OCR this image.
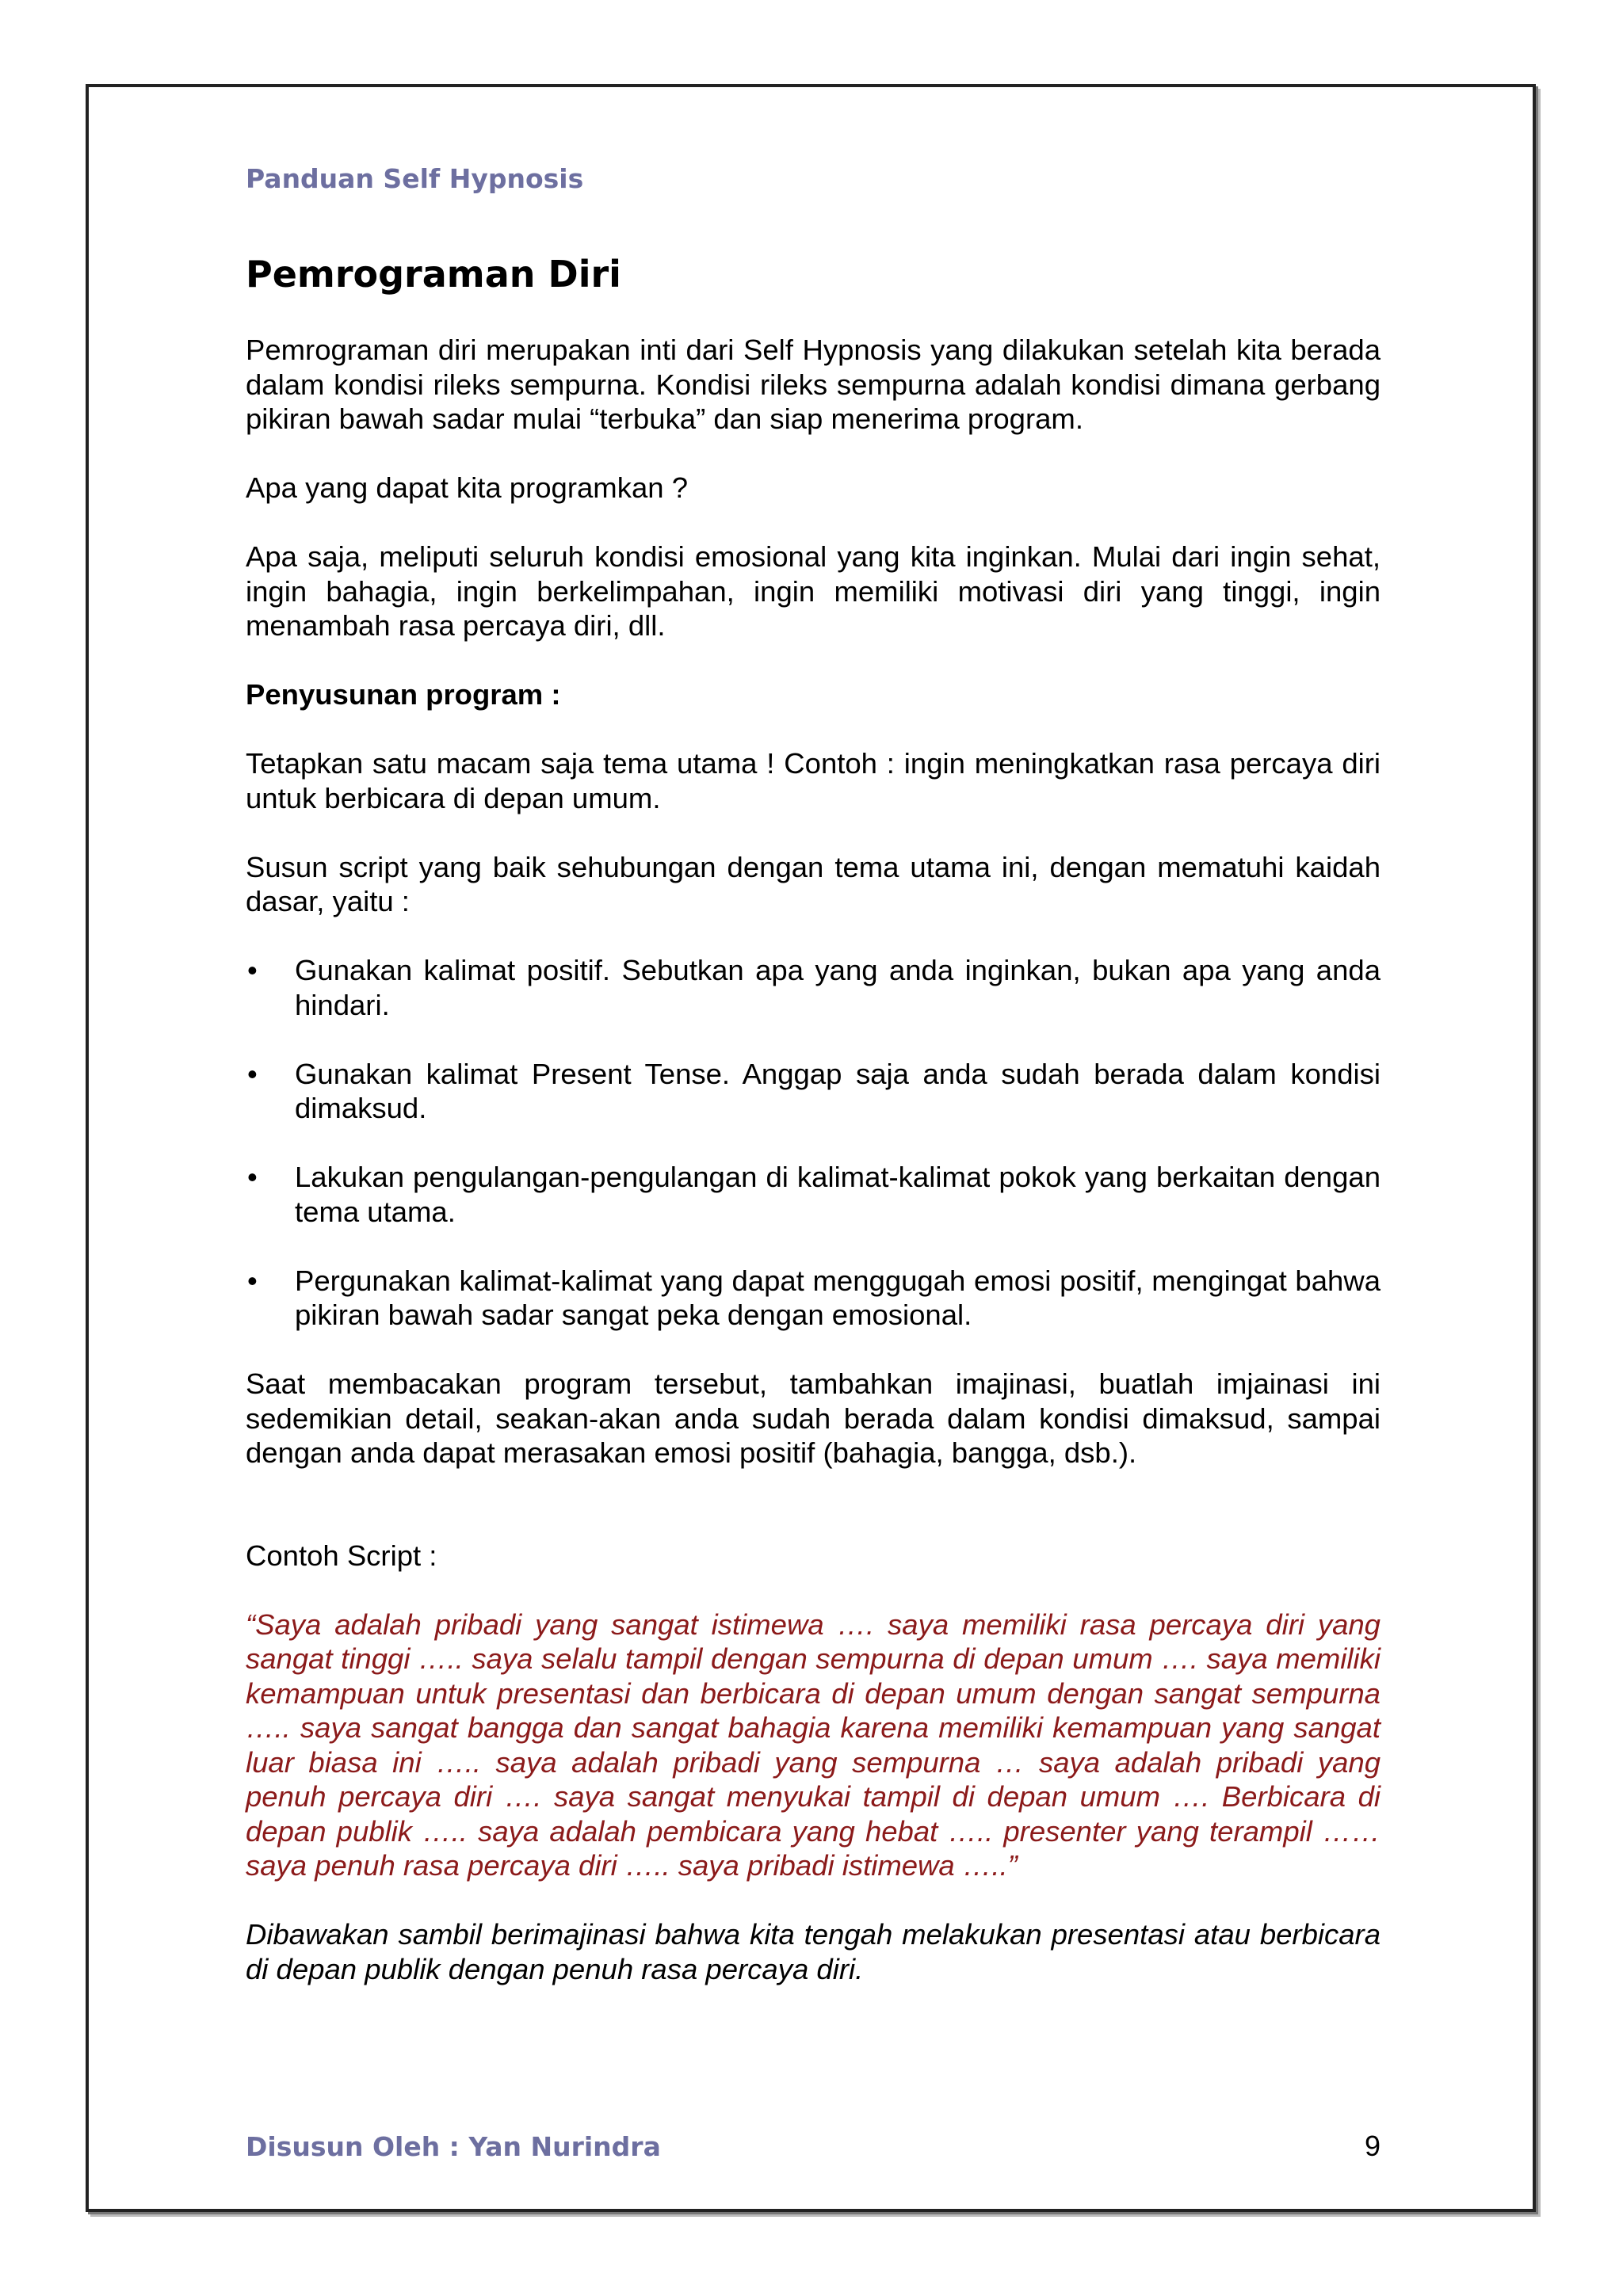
Panduan Self Hypnosis
Pemrograman Diri

Pemrograman diri merupakan inti dari Self Hypnosis yang dilakukan setelah kita berada dalam kondisi rileks sempurna. Kondisi rileks sempurna adalah kondisi dimana gerbang pikiran bawah sadar mulai “terbuka” dan siap menerima program.

Apa yang dapat kita programkan ?

Apa saja, meliputi seluruh kondisi emosional yang kita inginkan. Mulai dari ingin sehat, ingin bahagia, ingin berkelimpahan, ingin memiliki motivasi diri yang tinggi, ingin menambah rasa percaya diri, dll.

Penyusunan program :

Tetapkan satu macam saja tema utama ! Contoh : ingin meningkatkan rasa percaya diri untuk berbicara di depan umum.

Susun script yang baik sehubungan dengan tema utama ini, dengan mematuhi kaidah dasar, yaitu :

• Gunakan kalimat positif. Sebutkan apa yang anda inginkan, bukan apa yang anda hindari.
• Gunakan kalimat Present Tense. Anggap saja anda sudah berada dalam kondisi dimaksud.
• Lakukan pengulangan-pengulangan di kalimat-kalimat pokok yang berkaitan dengan tema utama.
• Pergunakan kalimat-kalimat yang dapat menggugah emosi positif, mengingat bahwa pikiran bawah sadar sangat peka dengan emosional.

Saat membacakan program tersebut, tambahkan imajinasi, buatlah imjainasi ini sedemikian detail, seakan-akan anda sudah berada dalam kondisi dimaksud, sampai dengan anda dapat merasakan emosi positif (bahagia, bangga, dsb.).

Contoh Script :

“Saya adalah pribadi yang sangat istimewa …. saya memiliki rasa percaya diri yang sangat tinggi ….. saya selalu tampil dengan sempurna di depan umum …. saya memiliki kemampuan untuk presentasi dan berbicara di depan umum dengan sangat sempurna ….. saya sangat bangga dan sangat bahagia karena memiliki kemampuan yang sangat luar biasa ini ….. saya adalah pribadi yang sempurna … saya adalah pribadi yang penuh percaya diri …. saya sangat menyukai tampil di depan umum …. Berbicara di depan publik ….. saya adalah pembicara yang hebat ….. presenter yang terampil …… saya penuh rasa percaya diri ….. saya pribadi istimewa …..”

Dibawakan sambil berimajinasi bahwa kita tengah melakukan presentasi atau berbicara di depan publik dengan penuh rasa percaya diri.

Disusun Oleh : Yan Nurindra	9
